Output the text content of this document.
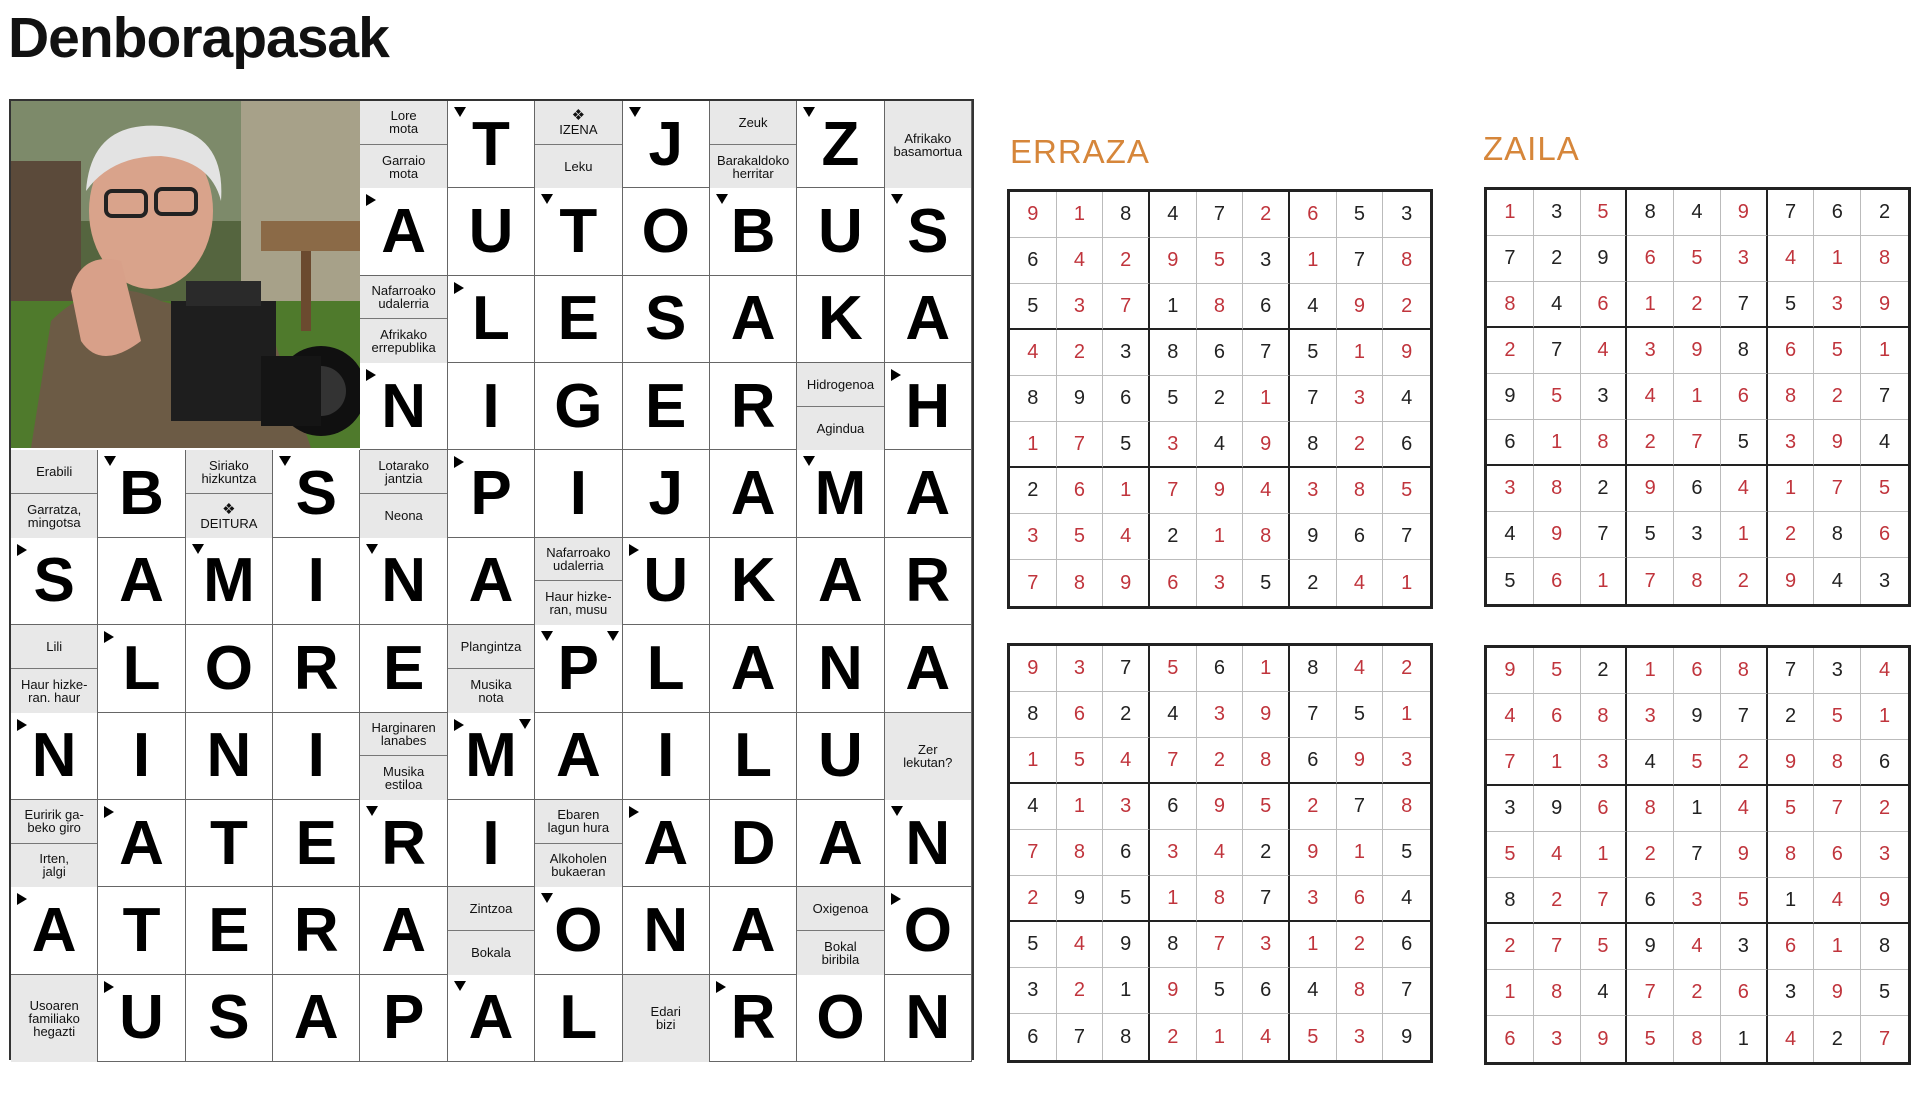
Denborapasak
Lore
mota
Garraio
mota T	❖
IZENA
Leku J	Zeuk
Barakaldoko
herritar Z	Afrikako
basamortua
A U T O B U S
Nafarroako
udalerria
Afrikako
errepublika L E S A K A
N I G E R	Hidrogenoa
Agindua H
Erabili
Garratza,
mingotsa B	Siriako
hizkuntza
❖
DEITURA S	Lotarako
jantzia
Neona P I J A M A
S A M I N A	Nafarroako
udalerria
Haur hizke-
ran, musu U K A R
Lili
Haur hizke-
ran. haur L O R E	Plangintza
Musika
nota P L A N A
N I N I	Harginaren
lanabes
Musika
estiloa M A I L U	Zer
lekutan?
Euririk ga-
beko giro
Irten,
jalgi A T E R I	Ebaren
lagun hura
Alkoholen
bukaeran A D A N
A T E R A	Zintzoa
Bokala O N A	Oxigenoa
Bokal
biribila O
Usoaren
familiako
hegazti U S A P A L	Edari
bizi R O N
ERRAZA	ZAILA
9	1	8	4	7	2	6	5	3
6	4	2	9	5	3	1	7	8
5	3	7	1	8	6	4	9	2
4	2	3	8	6	7	5	1	9
8	9	6	5	2	1	7	3	4
1	7	5	3	4	9	8	2	6
2	6	1	7	9	4	3	8	5
3	5	4	2	1	8	9	6	7
7	8	9	6	3	5	2	4	1
1	3	5	8	4	9	7	6	2
7	2	9	6	5	3	4	1	8
8	4	6	1	2	7	5	3	9
2	7	4	3	9	8	6	5	1
9	5	3	4	1	6	8	2	7
6	1	8	2	7	5	3	9	4
3	8	2	9	6	4	1	7	5
4	9	7	5	3	1	2	8	6
5	6	1	7	8	2	9	4	3
9	3	7	5	6	1	8	4	2
8	6	2	4	3	9	7	5	1
1	5	4	7	2	8	6	9	3
4	1	3	6	9	5	2	7	8
7	8	6	3	4	2	9	1	5
2	9	5	1	8	7	3	6	4
5	4	9	8	7	3	1	2	6
3	2	1	9	5	6	4	8	7
6	7	8	2	1	4	5	3	9
9	5	2	1	6	8	7	3	4
4	6	8	3	9	7	2	5	1
7	1	3	4	5	2	9	8	6
3	9	6	8	1	4	5	7	2
5	4	1	2	7	9	8	6	3
8	2	7	6	3	5	1	4	9
2	7	5	9	4	3	6	1	8
1	8	4	7	2	6	3	9	5
6	3	9	5	8	1	4	2	7
